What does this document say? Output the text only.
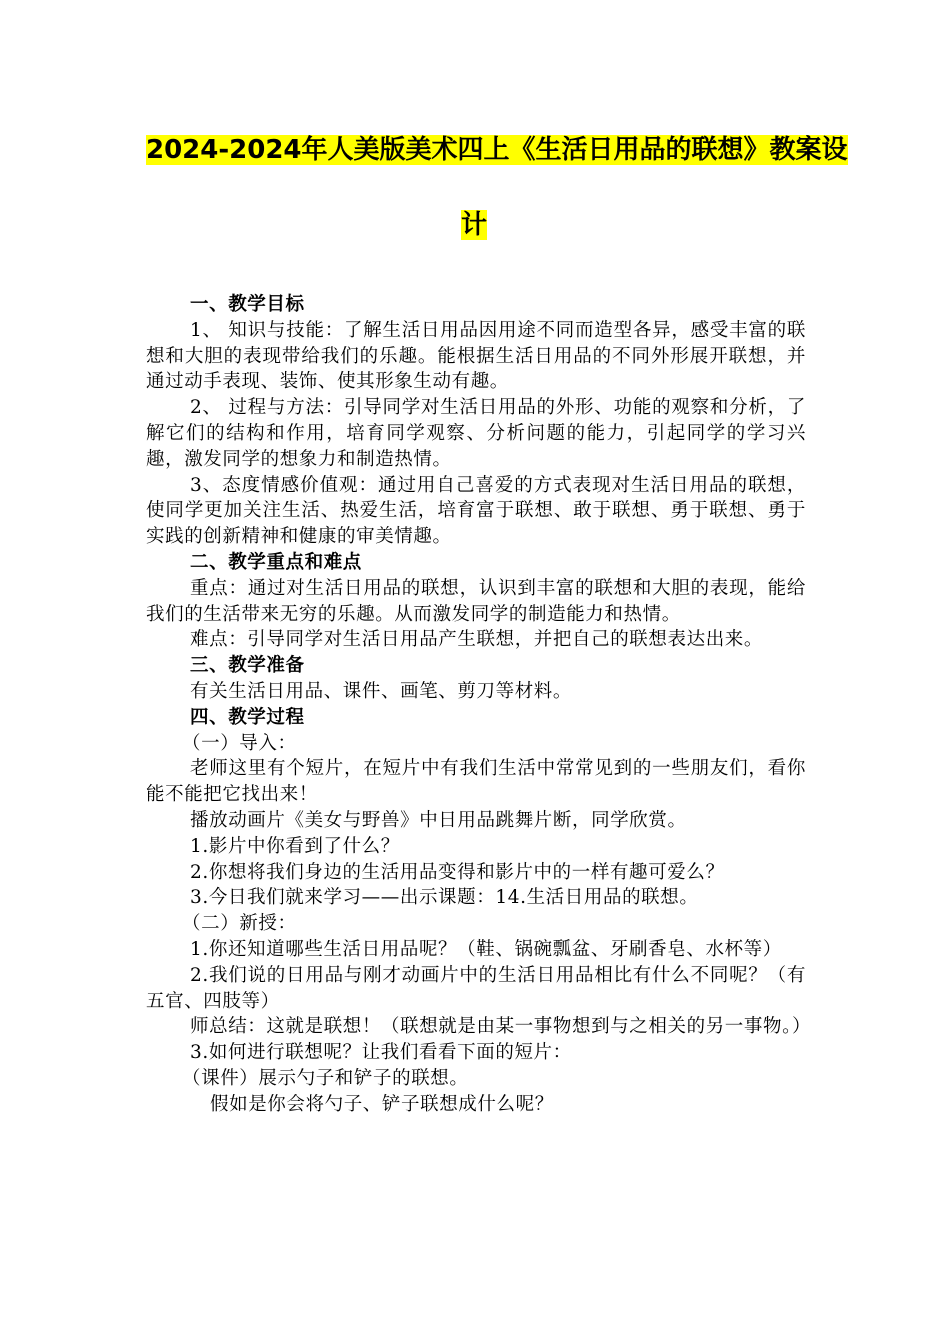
2024-2024年人美版美术四上《生活日用品的联想》教案设
计

一、教学目标

1、 知识与技能：了解生活日用品因用途不同而造型各异，感受丰富的联想和大胆的表现带给我们的乐趣。能根据生活日用品的不同外形展开联想，并通过动手表现、装饰、使其形象生动有趣。

2、 过程与方法：引导同学对生活日用品的外形、功能的观察和分析，了解它们的结构和作用，培育同学观察、分析问题的能力，引起同学的学习兴趣，激发同学的想象力和制造热情。

3、态度情感价值观：通过用自己喜爱的方式表现对生活日用品的联想，使同学更加关注生活、热爱生活，培育富于联想、敢于联想、勇于联想、勇于实践的创新精神和健康的审美情趣。

二、教学重点和难点

重点：通过对生活日用品的联想，认识到丰富的联想和大胆的表现，能给我们的生活带来无穷的乐趣。从而激发同学的制造能力和热情。

难点：引导同学对生活日用品产生联想，并把自己的联想表达出来。

三、教学准备

有关生活日用品、课件、画笔、剪刀等材料。

四、教学过程

（一）导入：

老师这里有个短片，在短片中有我们生活中常常见到的一些朋友们，看你能不能把它找出来！

播放动画片《美女与野兽》中日用品跳舞片断，同学欣赏。

1.影片中你看到了什么？

2.你想将我们身边的生活用品变得和影片中的一样有趣可爱么？

3.今日我们就来学习——出示课题：14.生活日用品的联想。

（二）新授：

1.你还知道哪些生活日用品呢？（鞋、锅碗瓢盆、牙刷香皂、水杯等）

2.我们说的日用品与刚才动画片中的生活日用品相比有什么不同呢？（有五官、四肢等）

师总结：这就是联想！（联想就是由某一事物想到与之相关的另一事物。）

3.如何进行联想呢？让我们看看下面的短片：

（课件）展示勺子和铲子的联想。

假如是你会将勺子、铲子联想成什么呢？
